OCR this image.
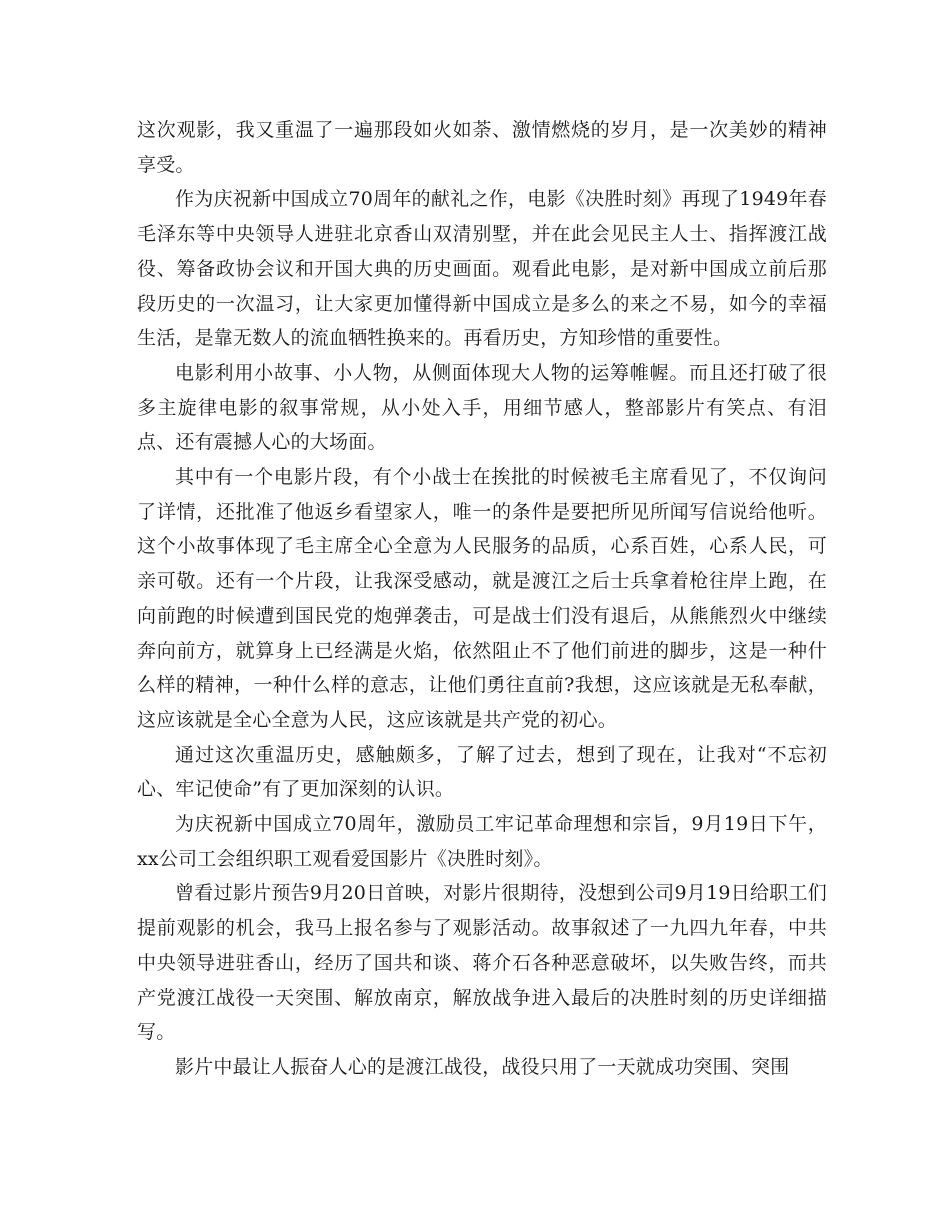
这次观影，我又重温了一遍那段如火如荼、激情燃烧的岁月，是一次美妙的精神享受。

作为庆祝新中国成立70周年的献礼之作，电影《决胜时刻》再现了1949年春毛泽东等中央领导人进驻北京香山双清别墅，并在此会见民主人士、指挥渡江战役、筹备政协会议和开国大典的历史画面。观看此电影，是对新中国成立前后那段历史的一次温习，让大家更加懂得新中国成立是多么的来之不易，如今的幸福生活，是靠无数人的流血牺牲换来的。再看历史，方知珍惜的重要性。

电影利用小故事、小人物，从侧面体现大人物的运筹帷幄。而且还打破了很多主旋律电影的叙事常规，从小处入手，用细节感人，整部影片有笑点、有泪点、还有震撼人心的大场面。

其中有一个电影片段，有个小战士在挨批的时候被毛主席看见了，不仅询问了详情，还批准了他返乡看望家人，唯一的条件是要把所见所闻写信说给他听。这个小故事体现了毛主席全心全意为人民服务的品质，心系百姓，心系人民，可亲可敬。还有一个片段，让我深受感动，就是渡江之后士兵拿着枪往岸上跑，在向前跑的时候遭到国民党的炮弹袭击，可是战士们没有退后，从熊熊烈火中继续奔向前方，就算身上已经满是火焰，依然阻止不了他们前进的脚步，这是一种什么样的精神，一种什么样的意志，让他们勇往直前?我想，这应该就是无私奉献，这应该就是全心全意为人民，这应该就是共产党的初心。

通过这次重温历史，感触颇多，了解了过去，想到了现在，让我对“不忘初心、牢记使命”有了更加深刻的认识。

为庆祝新中国成立70周年，激励员工牢记革命理想和宗旨，9月19日下午，xx公司工会组织职工观看爱国影片《决胜时刻》。

曾看过影片预告9月20日首映，对影片很期待，没想到公司9月19日给职工们提前观影的机会，我马上报名参与了观影活动。故事叙述了一九四九年春，中共中央领导进驻香山，经历了国共和谈、蒋介石各种恶意破坏，以失败告终，而共产党渡江战役一天突围、解放南京，解放战争进入最后的决胜时刻的历史详细描写。

影片中最让人振奋人心的是渡江战役，战役只用了一天就成功突围、突围
